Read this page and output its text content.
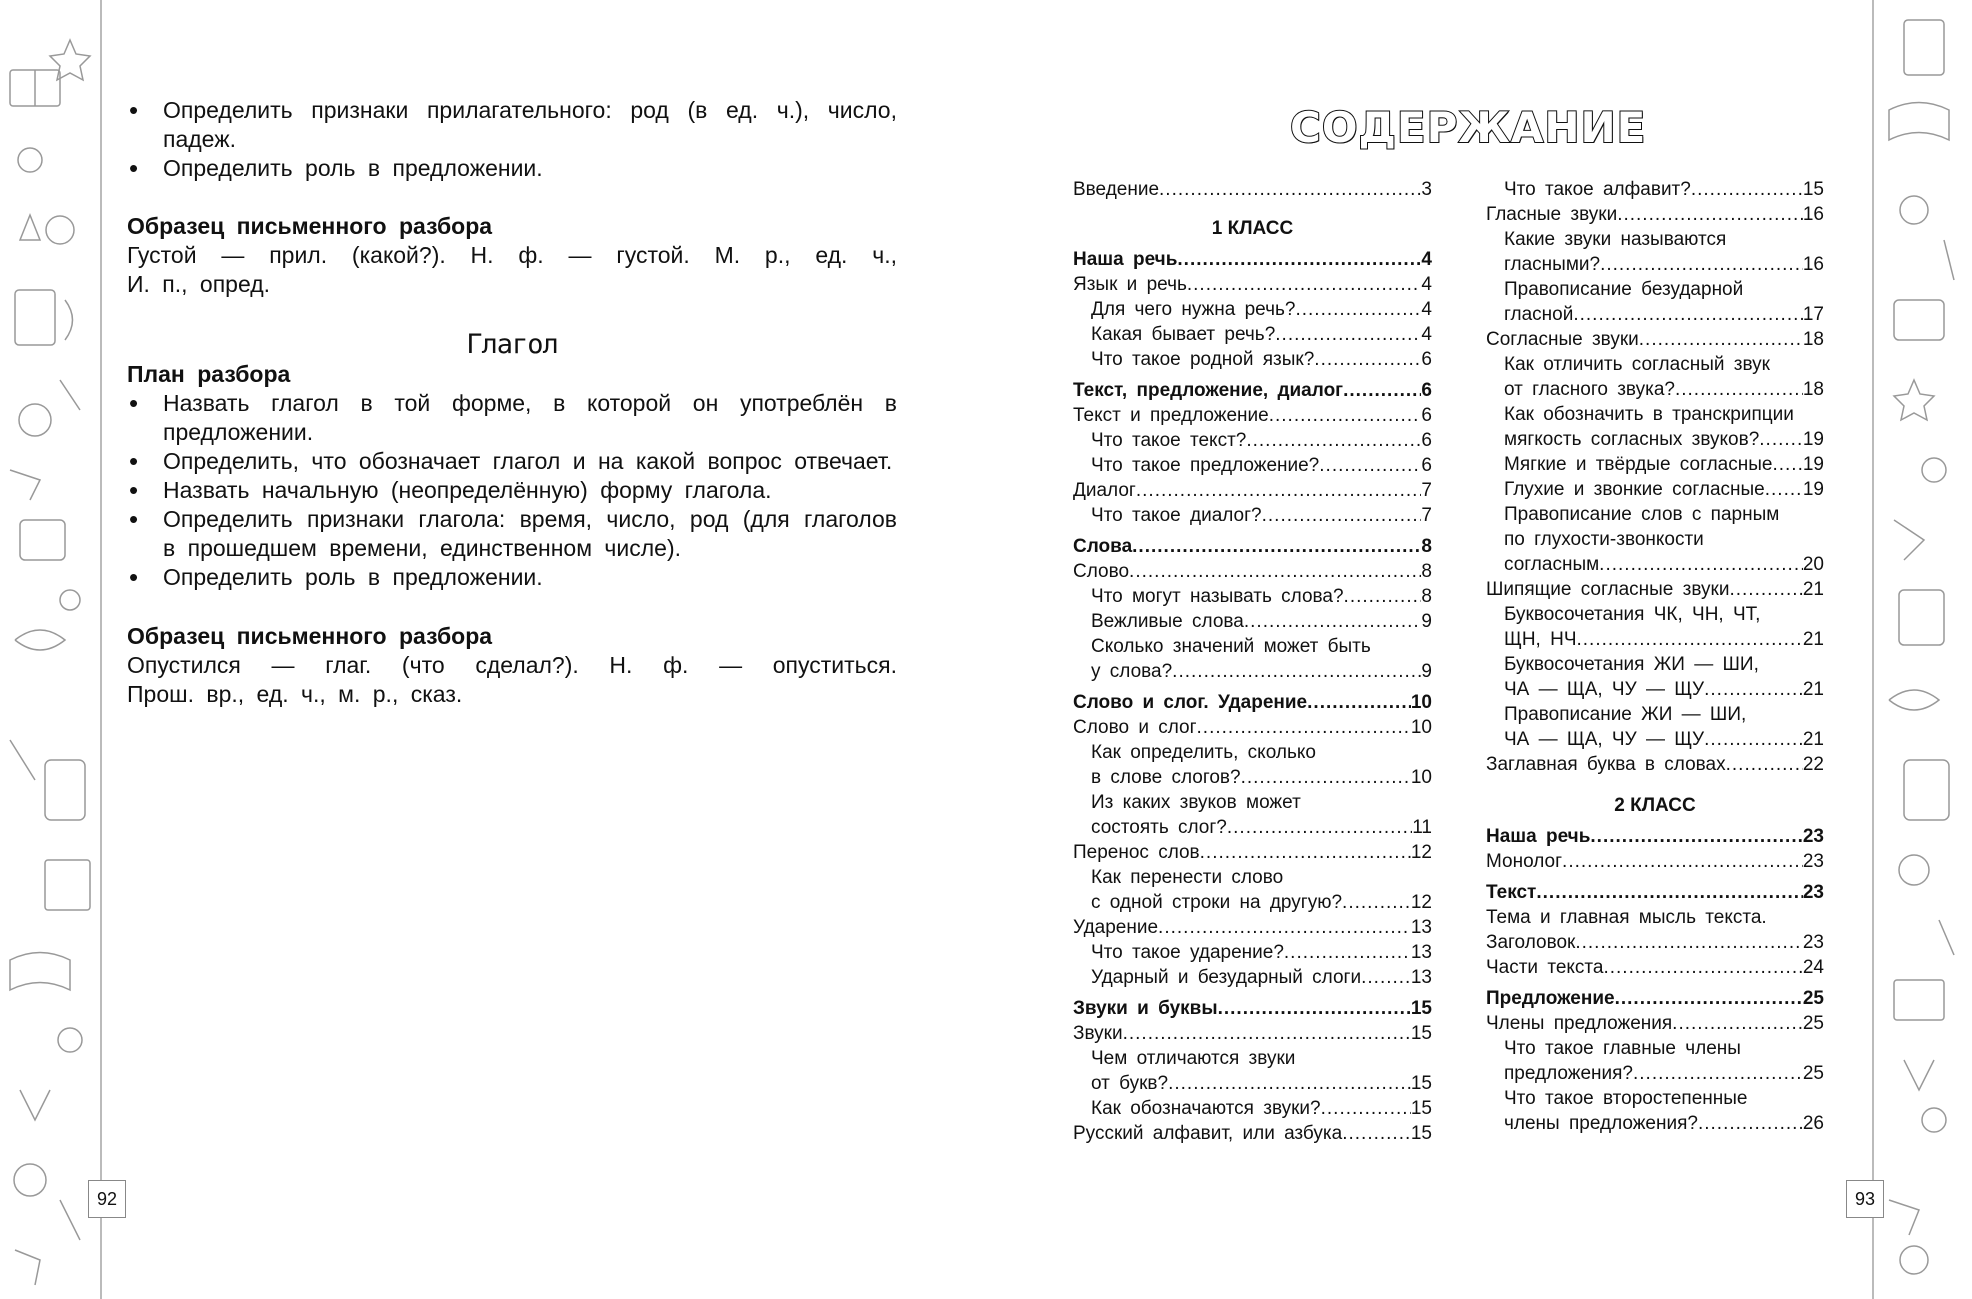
92	93
• Определить признаки прилагательного: род (в ед. ч.), число, падеж.
• Определить роль в предложении.

Образец письменного разбора

Густой — прил. (какой?). Н. ф. — густой. М. р., ед. ч.,

И. п., опред.

Глагол

План разбора

• Назвать глагол в той форме, в которой он употреблён в предложении.
• Определить, что обозначает глагол и на какой вопрос отвечает.
• Назвать начальную (неопределённую) форму глагола.
• Определить признаки глагола: время, число, род (для глаголов в прошедшем времени, единственном числе).
• Определить роль в предложении.

Образец письменного разбора

Опустился — глаг. (что сделал?). Н. ф. — опуститься.

Прош. вр., ед. ч., м. р., сказ.

СОДЕРЖАНИЕ
Введение .....	3
1 КЛАСС
Наша речь .....	4
Язык и речь .....	4
Для чего нужна речь? .....	4
Какая бывает речь? .....	4
Что такое родной язык? .....	6
Текст, предложение, диалог .....	6
Текст и предложение .....	6
Что такое текст? .....	6
Что такое предложение? .....	6
Диалог .....	7
Что такое диалог? .....	7
Слова .....	8
Слово .....	8
Что могут называть слова? .....	8
Вежливые слова .....	9
Сколько значений может быть
у слова? .....	9
Слово и слог. Ударение .....	10
Слово и слог .....	10
Как определить, сколько
в слове слогов? .....	10
Из каких звуков может
состоять слог? .....	11
Перенос слов .....	12
Как перенести слово
с одной строки на другую? .....	12
Ударение .....	13
Что такое ударение? .....	13
Ударный и безударный слоги .....	13
Звуки и буквы .....	15
Звуки .....	15
Чем отличаются звуки
от букв? .....	15
Как обозначаются звуки? .....	15
Русский алфавит, или азбука .....	15
Что такое алфавит? .....	15
Гласные звуки .....	16
Какие звуки называются
гласными? .....	16
Правописание безударной
гласной .....	17
Согласные звуки .....	18
Как отличить согласный звук
от гласного звука? .....	18
Как обозначить в транскрипции
мягкость согласных звуков? ..... 19
Мягкие и твёрдые согласные ..... 19
Глухие и звонкие согласные ..... 19
Правописание слов с парным
по глухости-звонкости
согласным .....	20
Шипящие согласные звуки .....	21
Буквосочетания ЧК, ЧН, ЧТ,
ЩН, НЧ .....	21
Буквосочетания ЖИ — ШИ,
ЧА — ЩА, ЧУ — ЩУ .....	21
Правописание ЖИ — ШИ,
ЧА — ЩА, ЧУ — ЩУ .....	21
Заглавная буква в словах .....	22
2 КЛАСС
Наша речь .....	23
Монолог .....	23
Текст .....	23
Тема и главная мысль текста.
Заголовок .....	23
Части текста .....	24
Предложение .....	25
Члены предложения .....	25
Что такое главные члены
предложения? .....	25
Что такое второстепенные
члены предложения? .....	26
